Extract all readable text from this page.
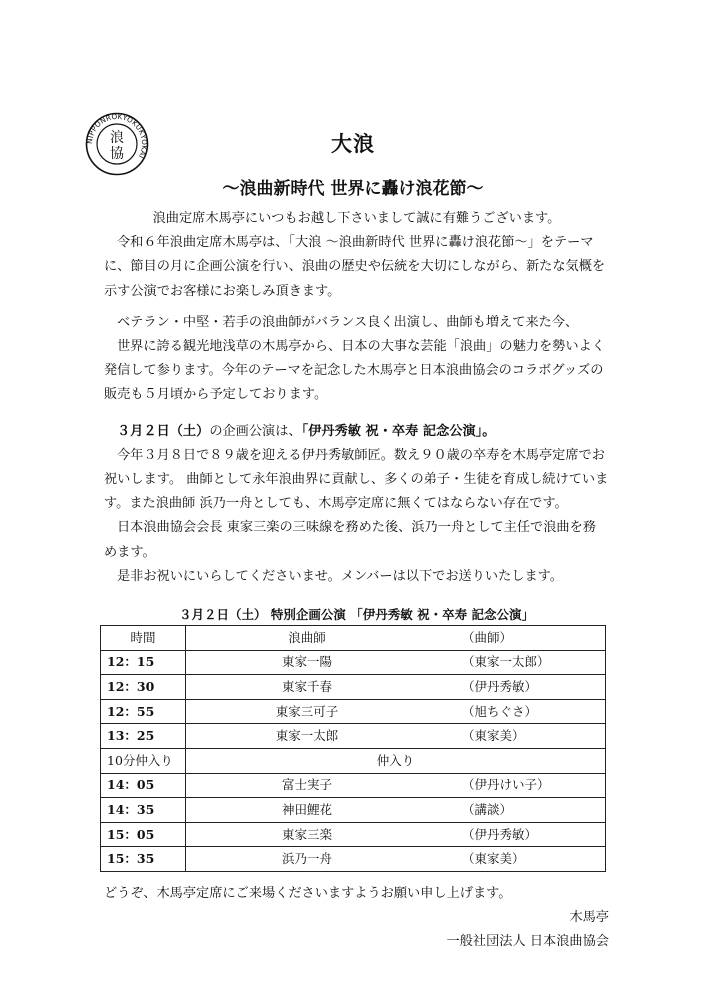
NIPPONROKYOKUKYOKAI
浪
協	大浪
～浪曲新時代 世界に轟け浪花節～

浪曲定席木馬亭にいつもお越し下さいまして誠に有難うございます。

令和６年浪曲定席木馬亭は、「大浪 ～浪曲新時代 世界に轟け浪花節～」をテーマに、節目の月に企画公演を行い、浪曲の歴史や伝統を大切にしながら、新たな気概を示す公演でお客様にお楽しみ頂きます。

ベテラン・中堅・若手の浪曲師がバランス良く出演し、曲師も増えて来た今、

世界に誇る観光地浅草の木馬亭から、日本の大事な芸能「浪曲」の魅力を勢いよく発信して参ります。今年のテーマを記念した木馬亭と日本浪曲協会のコラボグッズの販売も５月頃から予定しております。

３月２日（土）の企画公演は、「伊丹秀敏 祝・卒寿 記念公演」。

今年３月８日で８９歳を迎える伊丹秀敏師匠。数え９０歳の卒寿を木馬亭定席でお祝いします。 曲師として永年浪曲界に貢献し、多くの弟子・生徒を育成し続けています。また浪曲師 浜乃一舟としても、木馬亭定席に無くてはならない存在です。

日本浪曲協会会長 東家三楽の三味線を務めた後、浜乃一舟として主任で浪曲を務めます。

是非お祝いにいらしてくださいませ。メンバーは以下でお送りいたします。

３月２日（土） 特別企画公演 「伊丹秀敏 祝・卒寿 記念公演」
時間	浪曲師 （曲師）
12：15	東家一陽 （東家一太郎）
12：30	東家千春 （伊丹秀敏）
12：55	東家三可子 （旭ちぐさ）
13：25	東家一太郎 （東家美）
10分仲入り	仲入り
14：05	富士実子 （伊丹けい子）
14：35	神田鯉花 （講談）
15：05	東家三楽 （伊丹秀敏）
15：35	浜乃一舟 （東家美）
どうぞ、木馬亭定席にご来場くださいますようお願い申し上げます。
木馬亭
一般社団法人 日本浪曲協会
